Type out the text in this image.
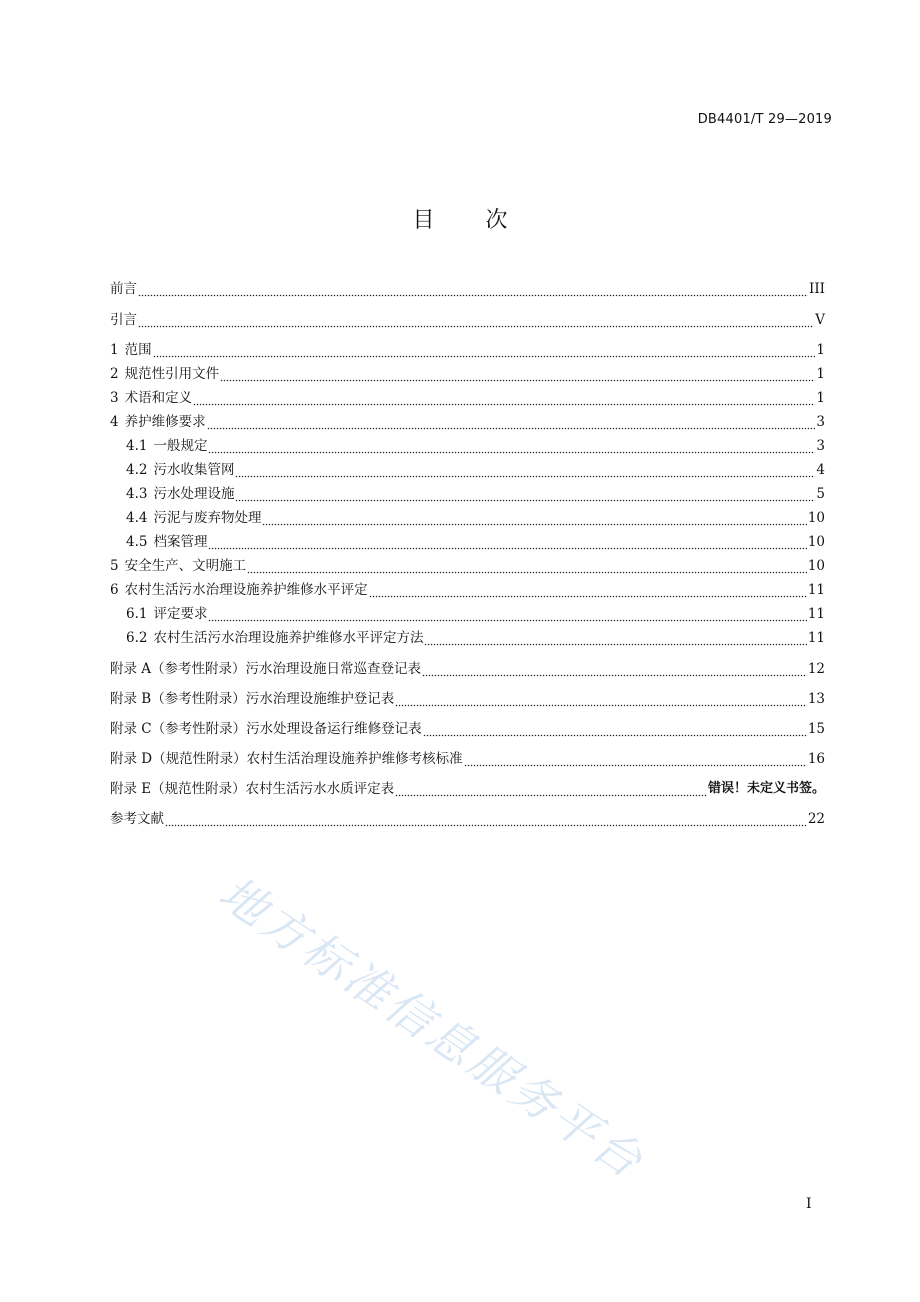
DB4401/T 29—2019
目 次
前言	III
引言	V
1 范围	1
2 规范性引用文件	1
3 术语和定义	1
4 养护维修要求	3
4.1 一般规定	3
4.2 污水收集管网	4
4.3 污水处理设施	5
4.4 污泥与废弃物处理	10
4.5 档案管理	10
5 安全生产、文明施工	10
6 农村生活污水治理设施养护维修水平评定	11
6.1 评定要求	11
6.2 农村生活污水治理设施养护维修水平评定方法	11
附录 A（参考性附录）污水治理设施日常巡查登记表	12
附录 B（参考性附录）污水治理设施维护登记表	13
附录 C（参考性附录）污水处理设备运行维修登记表	15
附录 D（规范性附录）农村生活治理设施养护维修考核标准	16
附录 E（规范性附录）农村生活污水水质评定表	错误！未定义书签。
参考文献	22
地方标准信息服务平台
I
